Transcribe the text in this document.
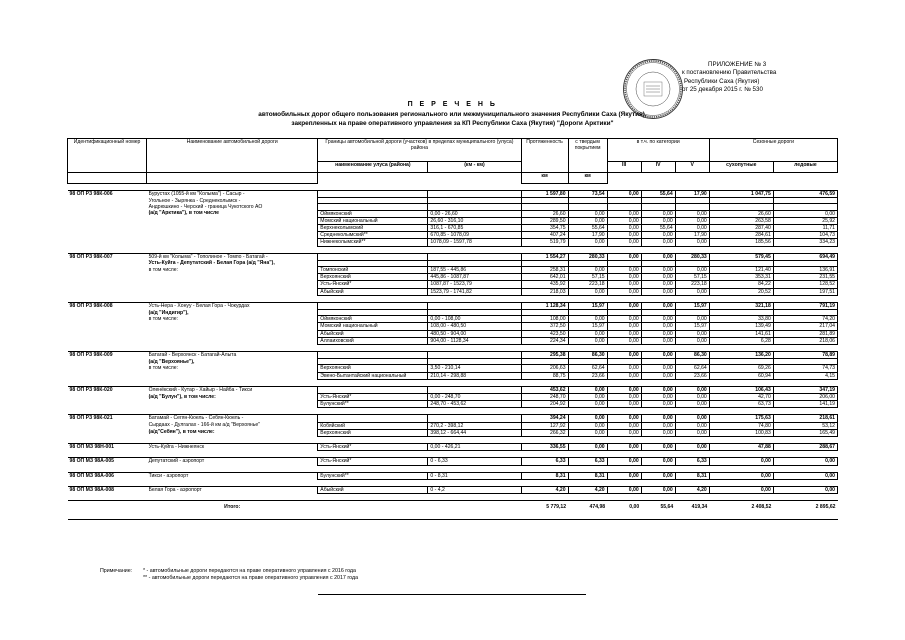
ПРИЛОЖЕНИЕ № 3
к постановлению Правительства
Республики Саха (Якутия)
от 25 декабря 2015 г. № 530
П Е Р Е Ч Е Н Ь
автомобильных дорог общего пользования регионального или межмуниципального значения Республики Саха (Якутия),
закрепленных на праве оперативного управления за КП Республики Саха (Якутия) "Дороги Арктики"
Идентификационный номер	Наименование автомобильной дороги	Границы автомобильной дороги (участков) в пределах муниципального (улуса) района		Протяженность	с твердым покрытием	в т.ч. по категории			Сезонные дороги	
		наименование улуса (района)	(км - км)			III	IV	V	сухопутные	ледовые
				км	км					

98 ОП РЗ 98К-006	Бурустах (1055-й км "Колыма") - Сасыр -			1 597,80	73,54	0,00	55,64	17,90	1 047,75	476,59
	Угольное - Зырянка - Среднеколымск -									
	Андрюшкино - Черский - граница Чукотского АО									
	(а/д "Арктика"), в том числе	Оймяконский	0,00 - 26,60	26,60	0,00	0,00	0,00	0,00	26,60	0,00
		Момский национальный	26,60 - 316,10	289,50	0,00	0,00	0,00	0,00	263,58	25,92
		Верхнеколымский	316,1 - 670,85	354,75	55,64	0,00	55,64	0,00	287,40	11,71
		Среднеколымский**	670,85 - 1078,09	407,24	17,90	0,00	0,00	17,90	284,61	104,73
		Нижнеколымский**	1078,09 - 1597,78	519,79	0,00	0,00	0,00	0,00	185,56	334,23

98 ОП РЗ 98К-007	509-й км "Колыма" - Тополиное - Томпо - Батагай -			1 554,27	280,33	0,00	0,00	280,33	579,45	694,49
	Усть-Куйга - Депутатский - Белая Гора (а/д "Яна"),									
	в том числе:	Томпонский	187,55 - 445,86	258,31	0,00	0,00	0,00	0,00	121,40	136,91
		Верхоянский	445,86 - 1087,87	642,01	57,15	0,00	0,00	57,15	353,31	231,55
		Усть-Янский*	1087,87 - 1523,79	435,92	223,18	0,00	0,00	223,18	84,22	128,52
		Абыйский	1523,79 - 1741,82	218,03	0,00	0,00	0,00	0,00	20,52	197,51

98 ОП РЗ 98К-008	Усть-Нера - Хонуу - Белая Гора - Чокурдах			1 128,34	15,97	0,00	0,00	15,97	321,18	791,19
	(а/д "Индигир"),									
	в том числе:	Оймяконский	0,00 - 108,00	108,00	0,00	0,00	0,00	0,00	33,80	74,20
		Момский национальный	108,00 - 480,50	372,50	15,97	0,00	0,00	15,97	139,49	217,04
		Абыйский	480,50 - 904,00	423,50	0,00	0,00	0,00	0,00	141,61	281,89
		Аллаиховский	904,00 - 1128,34	224,34	0,00	0,00	0,00	0,00	6,28	218,06

98 ОП РЗ 98К-009	Батагай - Верхоянск - Батагай-Алыта			295,38	86,30	0,00	0,00	86,30	136,20	78,89
	(а/д "Верхоянье"),									
	в том числе:	Верхоянский	3,50 - 210,14	206,63	62,64	0,00	0,00	62,64	69,26	74,73
		Эвено-Бытантайский национальный	210,14 - 298,88	88,75	23,66	0,00	0,00	23,66	60,94	4,15

98 ОП РЗ 98К-020	Оленёкский - Кутар - Хайыр - Найба - Тикси			453,62	0,00	0,00	0,00	0,00	106,43	347,19
	(а/д "Булун"), в том числе:	Усть-Янский*	0,00 - 248,70	248,70	0,00	0,00	0,00	0,00	42,70	206,00
		Булунский**	248,70 - 453,62	204,92	0,00	0,00	0,00	0,00	63,73	141,19

98 ОП РЗ 98К-021	Батамай - Сегян-Кюель - Себян-Кюель -			394,24	0,00	0,00	0,00	0,00	175,63	218,61
	Сырдаах - Дулгалах - 166-й км а/д "Верхоянье"	Кобяйский	270,2 - 398,12	127,92	0,00	0,00	0,00	0,00	74,80	53,12
	(а/д"Себян"), в том числе:	Верхоянский	398,12 - 664,44	266,32	0,00	0,00	0,00	0,00	100,83	165,49

98 ОП МЗ 98Н-001	Усть-Куйга - Нижнеянск	Усть-Янский*	0,00 - 426,21	336,55	0,00	0,00	0,00	0,00	47,88	288,67

98 ОП МЗ 98А-005	Депутатский - аэропорт	Усть-Янский*	0 - 6,33	6,33	6,33	0,00	0,00	6,33	0,00	0,00

98 ОП МЗ 98А-006	Тикси - аэропорт	Булунский**	0 - 8,31	8,31	8,31	0,00	0,00	8,31	0,00	0,00

98 ОП МЗ 98А-008	Белая Гора - аэропорт	Абыйский	0 - 4,2	4,20	4,20	0,00	0,00	4,20	0,00	0,00

	Итого:			5 779,12	474,98	0,00	55,64	419,34	2 408,52	2 895,62

Примечание: * - автомобильные дороги передаются на праве оперативного управления с 2016 года
** - автомобильные дороги передаются на праве оперативного управления с 2017 года
